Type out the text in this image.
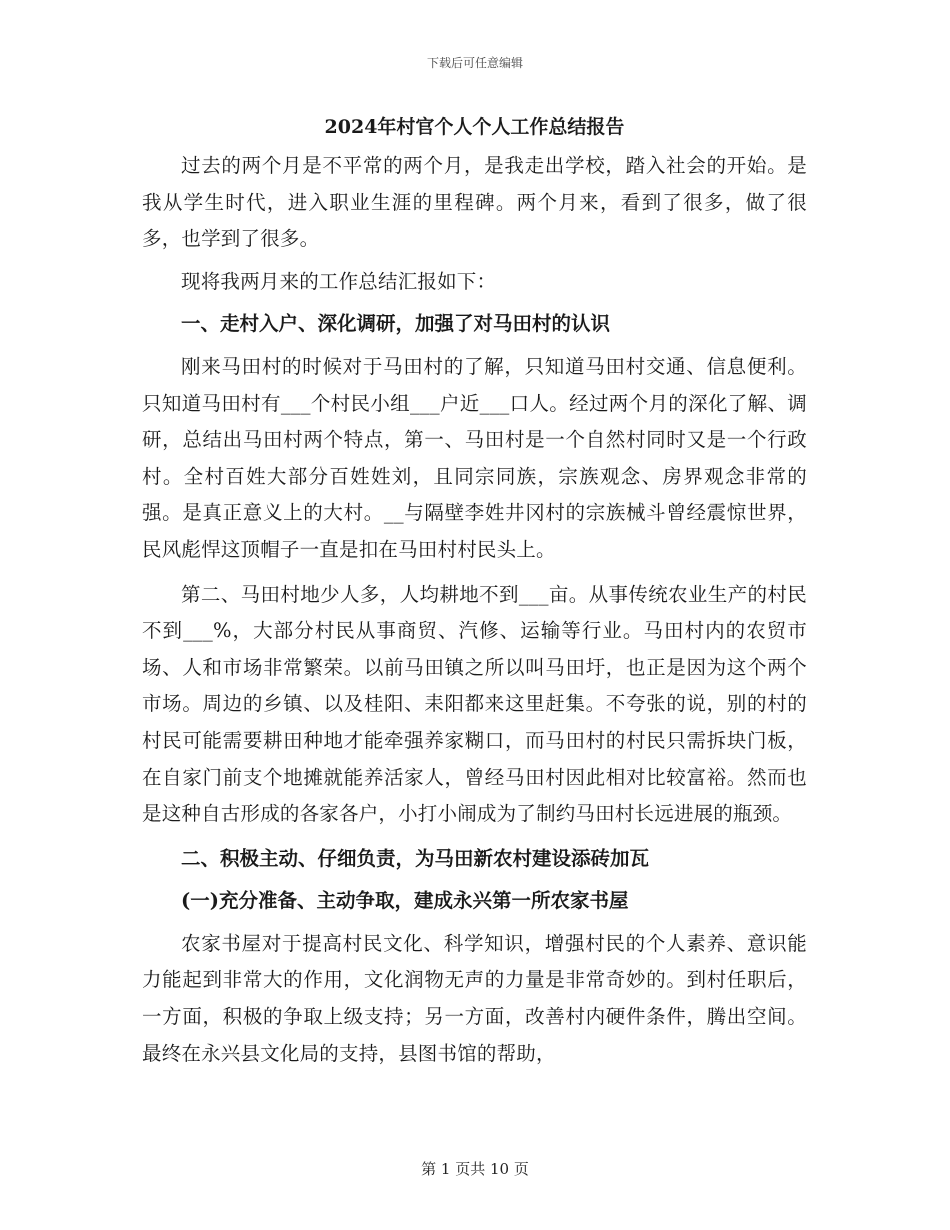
下载后可任意编辑
2024年村官个人个人工作总结报告

过去的两个月是不平常的两个月，是我走出学校，踏入社会的开始。是我从学生时代，进入职业生涯的里程碑。两个月来，看到了很多，做了很多，也学到了很多。

现将我两月来的工作总结汇报如下：

一、走村入户、深化调研，加强了对马田村的认识

刚来马田村的时候对于马田村的了解，只知道马田村交通、信息便利。只知道马田村有___个村民小组___户近___口人。经过两个月的深化了解、调研，总结出马田村两个特点，第一、马田村是一个自然村同时又是一个行政村。全村百姓大部分百姓姓刘，且同宗同族，宗族观念、房界观念非常的强。是真正意义上的大村。__与隔壁李姓井冈村的宗族械斗曾经震惊世界，民风彪悍这顶帽子一直是扣在马田村村民头上。

第二、马田村地少人多，人均耕地不到___亩。从事传统农业生产的村民不到___%，大部分村民从事商贸、汽修、运输等行业。马田村内的农贸市场、人和市场非常繁荣。以前马田镇之所以叫马田圩，也正是因为这个两个市场。周边的乡镇、以及桂阳、耒阳都来这里赶集。不夸张的说，别的村的村民可能需要耕田种地才能牵强养家糊口，而马田村的村民只需拆块门板，在自家门前支个地摊就能养活家人，曾经马田村因此相对比较富裕。然而也是这种自古形成的各家各户，小打小闹成为了制约马田村长远进展的瓶颈。

二、积极主动、仔细负责，为马田新农村建设添砖加瓦

(一)充分准备、主动争取，建成永兴第一所农家书屋

农家书屋对于提高村民文化、科学知识，增强村民的个人素养、意识能力能起到非常大的作用，文化润物无声的力量是非常奇妙的。到村任职后，一方面，积极的争取上级支持；另一方面，改善村内硬件条件，腾出空间。最终在永兴县文化局的支持，县图书馆的帮助，

第 1 页共 10 页
